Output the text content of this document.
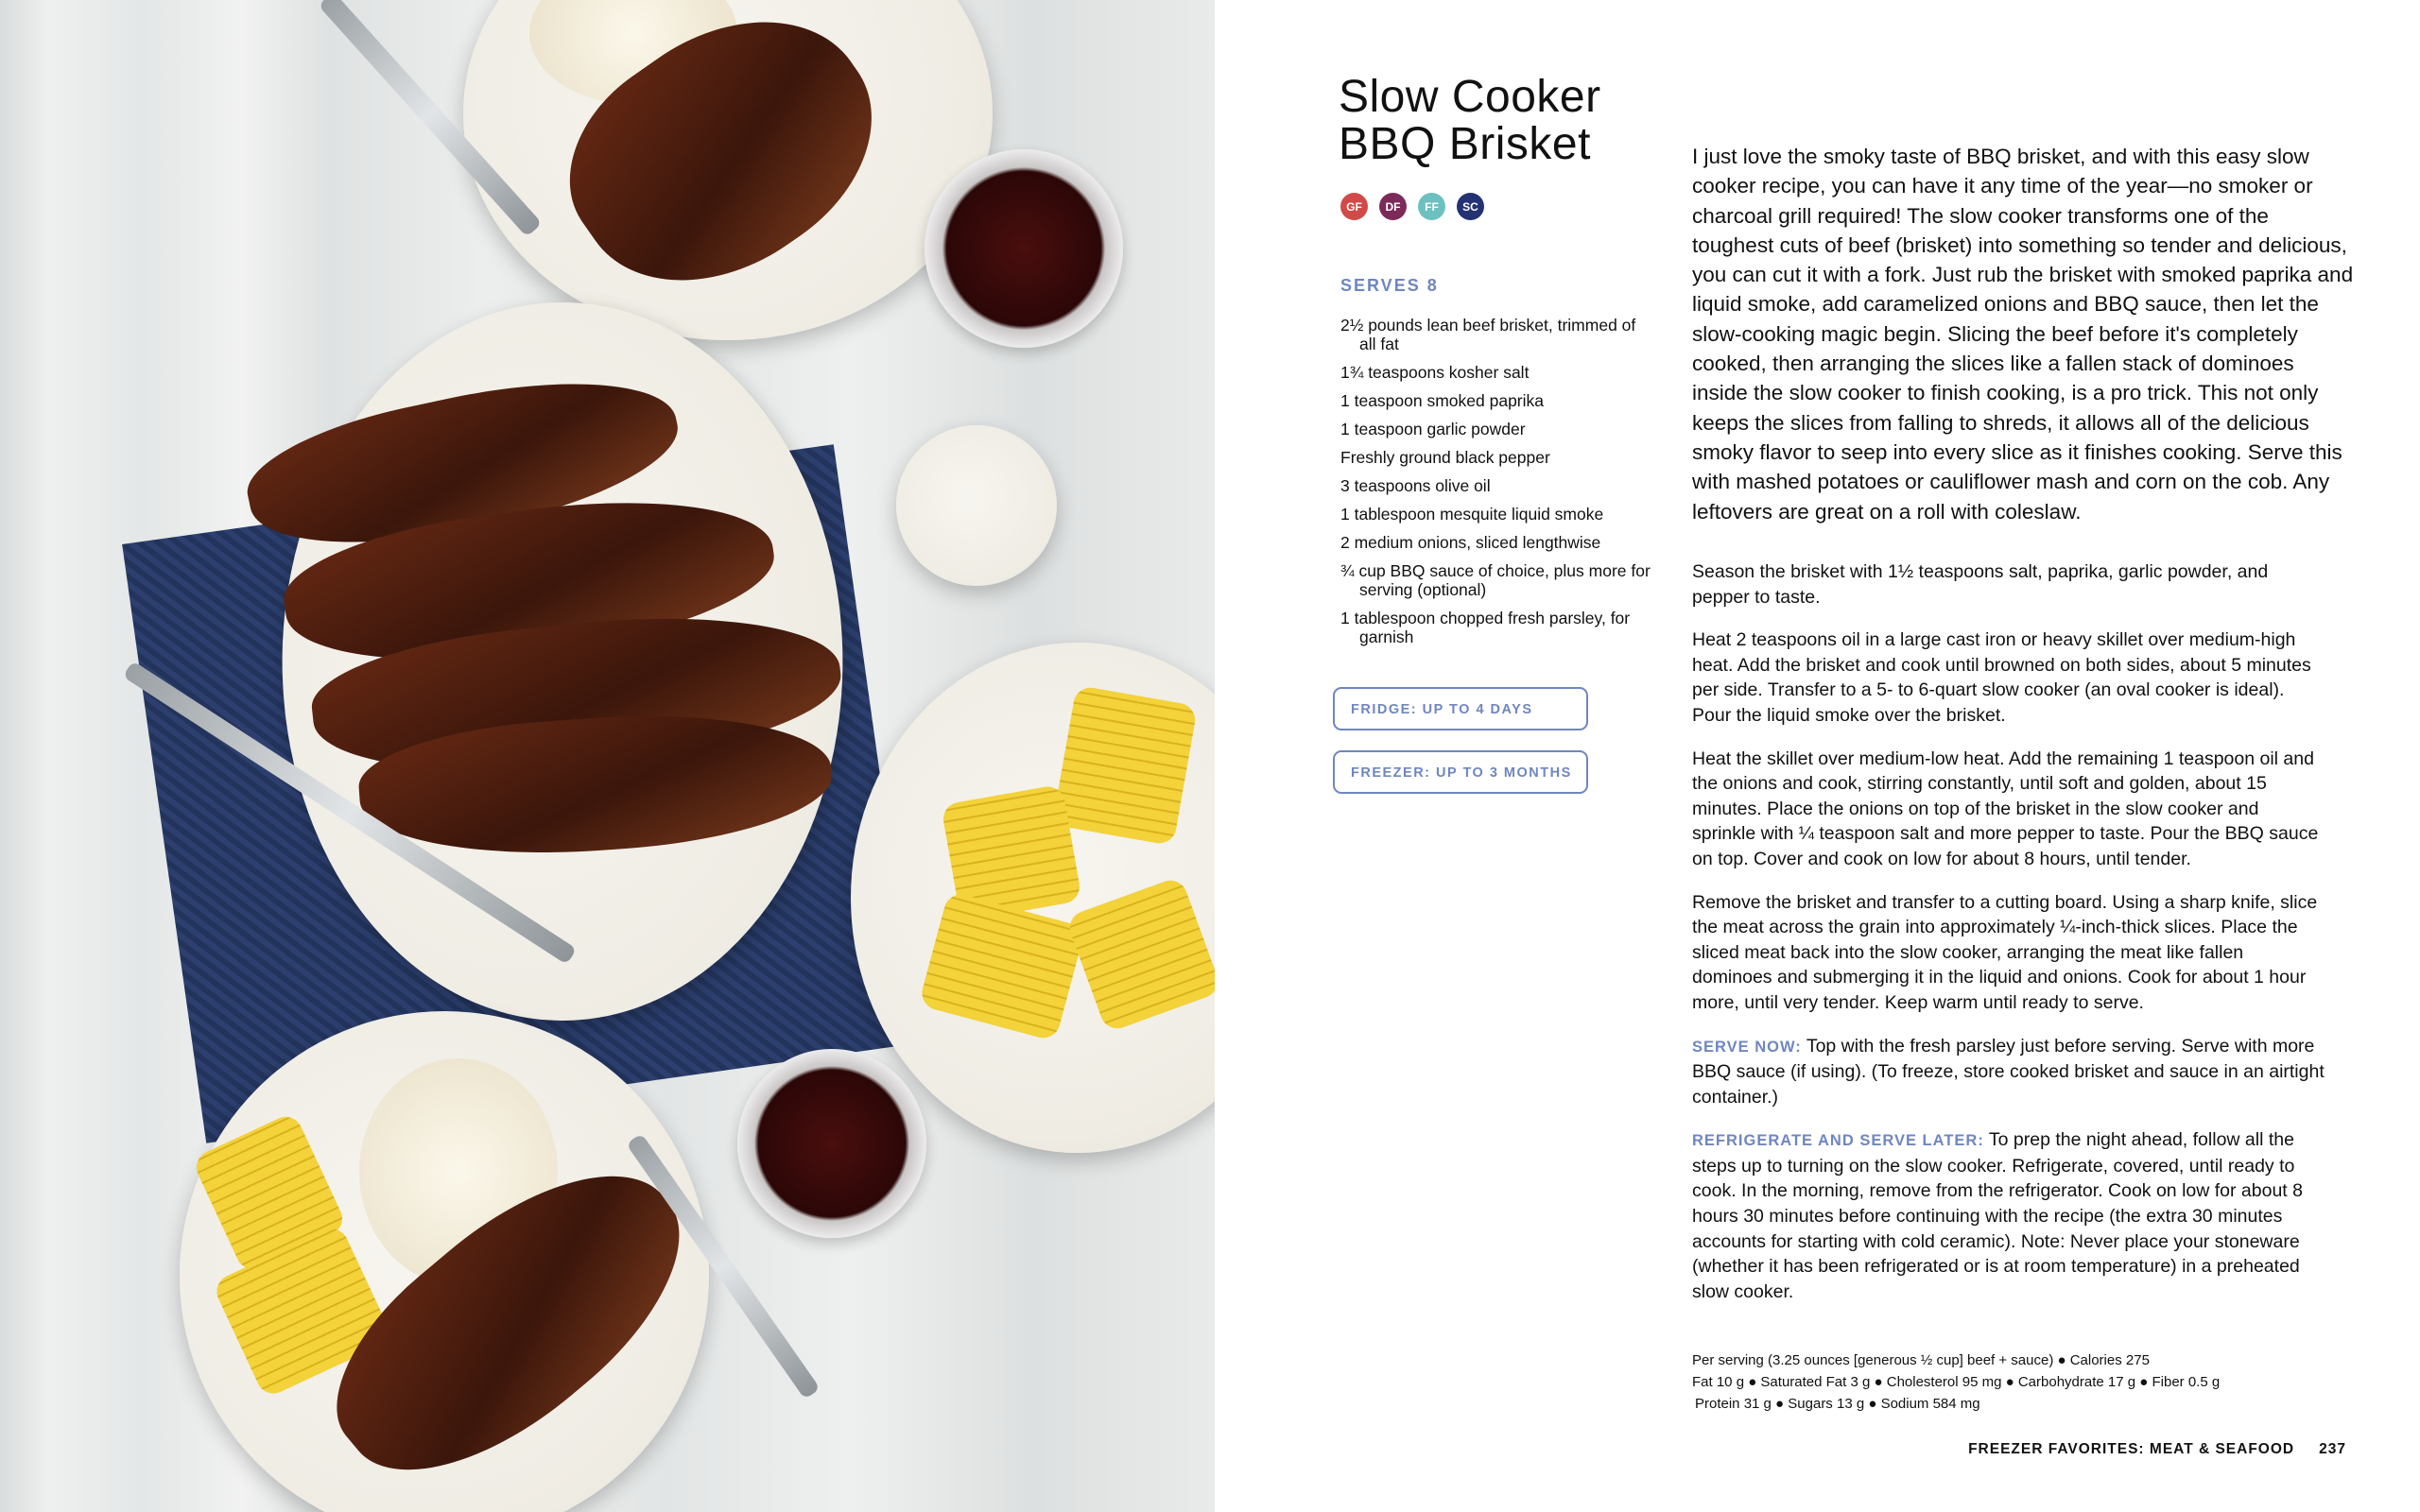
Slow Cooker
BBQ Brisket
GF	DF	FF	SC
SERVES 8
2½ pounds lean beef brisket, trimmed of all fat
1¾ teaspoons kosher salt
1 teaspoon smoked paprika
1 teaspoon garlic powder
Freshly ground black pepper
3 teaspoons olive oil
1 tablespoon mesquite liquid smoke
2 medium onions, sliced lengthwise
¾ cup BBQ sauce of choice, plus more for serving (optional)
1 tablespoon chopped fresh parsley, for garnish
FRIDGE: UP TO 4 DAYS
FREEZER: UP TO 3 MONTHS

I just love the smoky taste of BBQ brisket, and with this easy slow cooker recipe, you can have it any time of the year—no smoker or charcoal grill required! The slow cooker transforms one of the toughest cuts of beef (brisket) into something so tender and delicious, you can cut it with a fork. Just rub the brisket with smoked paprika and liquid smoke, add caramelized onions and BBQ sauce, then let the slow-cooking magic begin. Slicing the beef before it's completely cooked, then arranging the slices like a fallen stack of dominoes inside the slow cooker to finish cooking, is a pro trick. This not only keeps the slices from falling to shreds, it allows all of the delicious smoky flavor to seep into every slice as it finishes cooking. Serve this with mashed potatoes or cauliflower mash and corn on the cob. Any leftovers are great on a roll with coleslaw.

Season the brisket with 1½ teaspoons salt, paprika, garlic powder, and pepper to taste.

Heat 2 teaspoons oil in a large cast iron or heavy skillet over medium-high heat. Add the brisket and cook until browned on both sides, about 5 minutes per side. Transfer to a 5- to 6-quart slow cooker (an oval cooker is ideal). Pour the liquid smoke over the brisket.

Heat the skillet over medium-low heat. Add the remaining 1 teaspoon oil and the onions and cook, stirring constantly, until soft and golden, about 15 minutes. Place the onions on top of the brisket in the slow cooker and sprinkle with ¼ teaspoon salt and more pepper to taste. Pour the BBQ sauce on top. Cover and cook on low for about 8 hours, until tender.

Remove the brisket and transfer to a cutting board. Using a sharp knife, slice the meat across the grain into approximately ¼-inch-thick slices. Place the sliced meat back into the slow cooker, arranging the meat like fallen dominoes and submerging it in the liquid and onions. Cook for about 1 hour more, until very tender. Keep warm until ready to serve.

SERVE NOW: Top with the fresh parsley just before serving. Serve with more BBQ sauce (if using). (To freeze, store cooked brisket and sauce in an airtight container.)

REFRIGERATE AND SERVE LATER: To prep the night ahead, follow all the steps up to turning on the slow cooker. Refrigerate, covered, until ready to cook. In the morning, remove from the refrigerator. Cook on low for about 8 hours 30 minutes before continuing with the recipe (the extra 30 minutes accounts for starting with cold ceramic). Note: Never place your stoneware (whether it has been refrigerated or is at room temperature) in a preheated slow cooker.

Per serving (3.25 ounces [generous ½ cup] beef + sauce) ● Calories 275
Fat 10 g ● Saturated Fat 3 g ● Cholesterol 95 mg ● Carbohydrate 17 g ● Fiber 0.5 g
Protein 31 g ● Sugars 13 g ● Sodium 584 mg
FREEZER FAVORITES: MEAT & SEAFOOD 237
